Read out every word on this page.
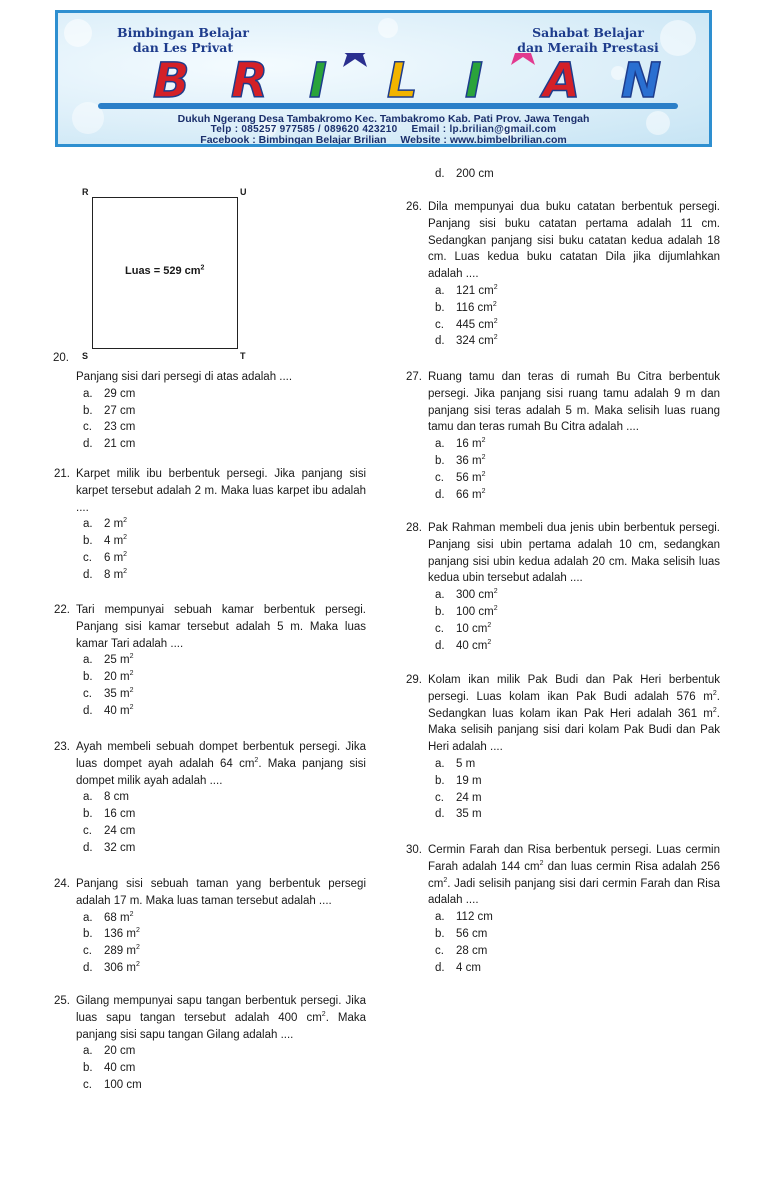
Bimbingan Belajar
dan Les Privat
Sahabat Belajar
dan Meraih Prestasi
B R I L I A N
Dukuh Ngerang Desa Tambakromo Kec. Tambakromo Kab. Pati Prov. Jawa Tengah
Telp : 085257 977585 / 089620 423210 Email : lp.brilian@gmail.com
Facebook : Bimbingan Belajar Brilian Website : www.bimbelbrilian.com
R	U
Luas = 529 $cm^2$
S	T
20.
Panjang sisi dari persegi di atas adalah ....
a. 29 cm
b. 27 cm
c. 23 cm
d. 21 cm
21. Karpet milik ibu berbentuk persegi. Jika panjang sisi karpet tersebut adalah 2 m. Maka luas karpet ibu adalah ....
a. 2 $m^2$
b. 4 $m^2$
c. 6 $m^2$
d. 8 $m^2$
22. Tari mempunyai sebuah kamar berbentuk persegi. Panjang sisi kamar tersebut adalah 5 m. Maka luas kamar Tari adalah ....
a. 25 $m^2$
b. 20 $m^2$
c. 35 $m^2$
d. 40 $m^2$
23. Ayah membeli sebuah dompet berbentuk persegi. Jika luas dompet ayah adalah 64 $cm^2$. Maka panjang sisi dompet milik ayah adalah ....
a. 8 cm
b. 16 cm
c. 24 cm
d. 32 cm
24. Panjang sisi sebuah taman yang berbentuk persegi adalah 17 m. Maka luas taman tersebut adalah ....
a. 68 $m^2$
b. 136 $m^2$
c. 289 $m^2$
d. 306 $m^2$
25. Gilang mempunyai sapu tangan berbentuk persegi. Jika luas sapu tangan tersebut adalah 400 $cm^2$. Maka panjang sisi sapu tangan Gilang adalah ....
a. 20 cm
b. 40 cm
c. 100 cm
d. 200 cm
26. Dila mempunyai dua buku catatan berbentuk persegi. Panjang sisi buku catatan pertama adalah 11 cm. Sedangkan panjang sisi buku catatan kedua adalah 18 cm. Luas kedua buku catatan Dila jika dijumlahkan adalah ....
a. 121 $cm^2$
b. 116 $cm^2$
c. 445 $cm^2$
d. 324 $cm^2$
27. Ruang tamu dan teras di rumah Bu Citra berbentuk persegi. Jika panjang sisi ruang tamu adalah 9 m dan panjang sisi teras adalah 5 m. Maka selisih luas ruang tamu dan teras rumah Bu Citra adalah ....
a. 16 $m^2$
b. 36 $m^2$
c. 56 $m^2$
d. 66 $m^2$
28. Pak Rahman membeli dua jenis ubin berbentuk persegi. Panjang sisi ubin pertama adalah 10 cm, sedangkan panjang sisi ubin kedua adalah 20 cm. Maka selisih luas kedua ubin tersebut adalah ....
a. 300 $cm^2$
b. 100 $cm^2$
c. 10 $cm^2$
d. 40 $cm^2$
29. Kolam ikan milik Pak Budi dan Pak Heri berbentuk persegi. Luas kolam ikan Pak Budi adalah 576 $m^2$. Sedangkan luas kolam ikan Pak Heri adalah 361 $m^2$. Maka selisih panjang sisi dari kolam Pak Budi dan Pak Heri adalah ....
a. 5 m
b. 19 m
c. 24 m
d. 35 m
30. Cermin Farah dan Risa berbentuk persegi. Luas cermin Farah adalah 144 $cm^2$ dan luas cermin Risa adalah 256 $cm^2$. Jadi selisih panjang sisi dari cermin Farah dan Risa adalah ....
a. 112 cm
b. 56 cm
c. 28 cm
d. 4 cm
